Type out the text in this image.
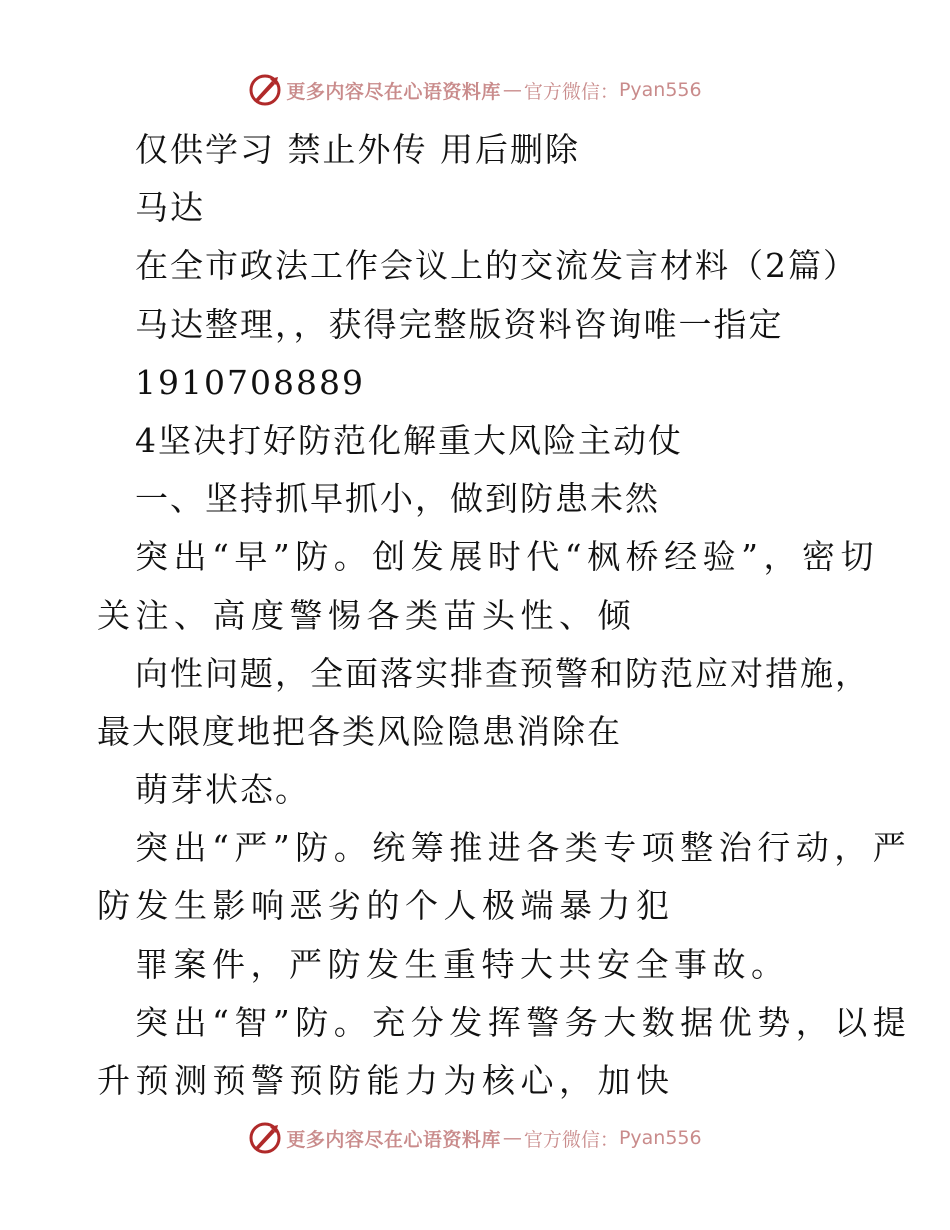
更多内容尽在心语资料库 — 官方微信： Pyan556
仅供学习 禁止外传 用后删除
马达
在全市政法工作会议上的交流发言材料（2篇）
马达整理，，获得完整版资料咨询唯一指定
1910708889
4坚决打好防范化解重大风险主动仗
一、坚持抓早抓小，做到防患未然
突出“早”防。创发展时代“枫桥经验”，密切
关注、高度警惕各类苗头性、倾
向性问题，全面落实排查预警和防范应对措施，
最大限度地把各类风险隐患消除在
萌芽状态。
突出“严”防。统筹推进各类专项整治行动，严
防发生影响恶劣的个人极端暴力犯
罪案件，严防发生重特大共安全事故。
突出“智”防。充分发挥警务大数据优势，以提
升预测预警预防能力为核心，加快
更多内容尽在心语资料库 — 官方微信： Pyan556
